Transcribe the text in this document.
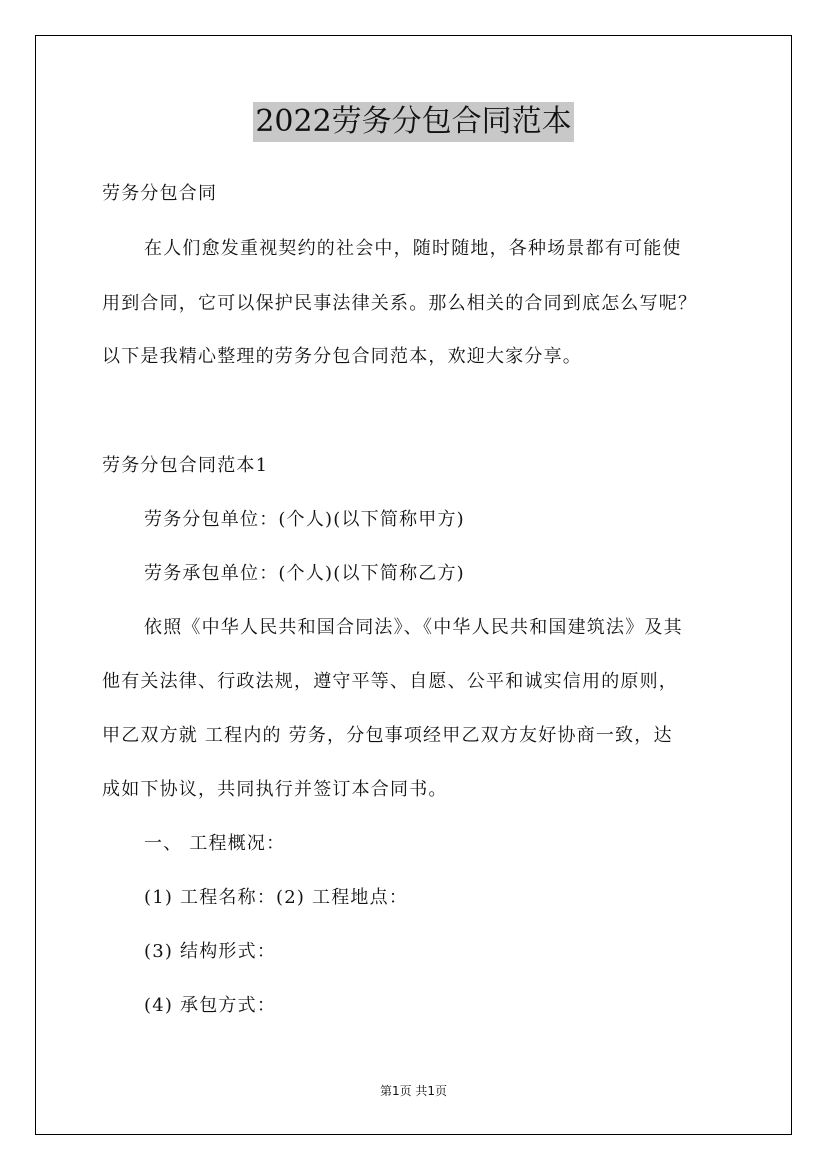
2022劳务分包合同范本
劳务分包合同
在人们愈发重视契约的社会中，随时随地，各种场景都有可能使
用到合同，它可以保护民事法律关系。那么相关的合同到底怎么写呢？
以下是我精心整理的劳务分包合同范本，欢迎大家分享。
劳务分包合同范本1
劳务分包单位：(个人)(以下简称甲方)
劳务承包单位：(个人)(以下简称乙方)
依照《中华人民共和国合同法》、《中华人民共和国建筑法》及其
他有关法律、行政法规，遵守平等、自愿、公平和诚实信用的原则，
甲乙双方就 工程内的 劳务，分包事项经甲乙双方友好协商一致，达
成如下协议，共同执行并签订本合同书。
一、 工程概况：
(1) 工程名称：(2) 工程地点：
(3) 结构形式：
(4) 承包方式：
第1页 共1页
